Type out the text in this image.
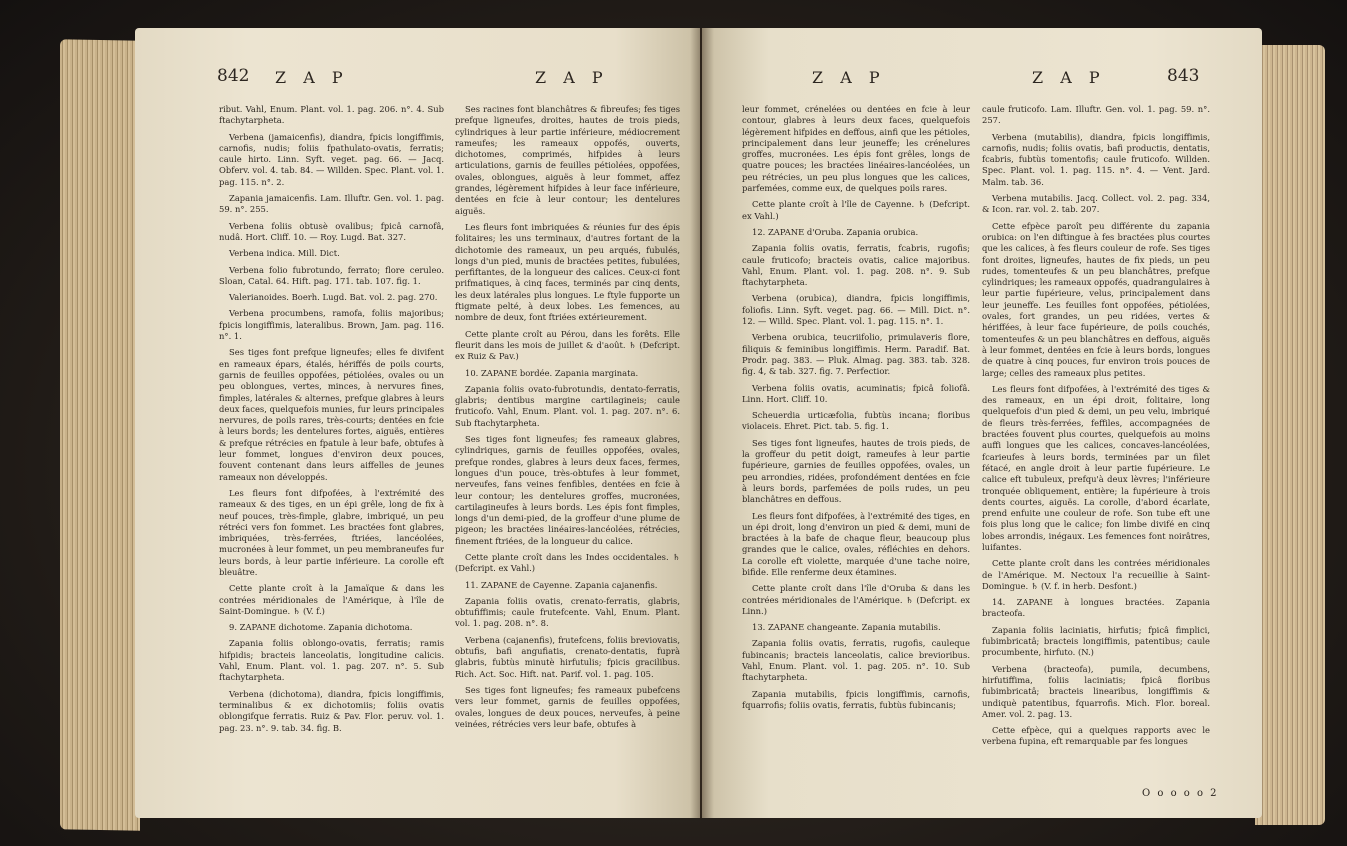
842 Z A P	Z A P

ribut. Vahl, Enum. Plant. vol. 1. pag. 206. n°. 4. Sub ftachytarpheta.

Verbena (jamaicenfis), diandra, fpicis longiffimis, carnofis, nudis; foliis fpathulato-ovatis, ferratis; caule hirto. Linn. Syft. veget. pag. 66. — Jacq. Obferv. vol. 4. tab. 84. — Willden. Spec. Plant. vol. 1. pag. 115. n°. 2.

Zapania jamaicenfis. Lam. Illuftr. Gen. vol. 1. pag. 59. n°. 255.

Verbena foliis obtusè ovalibus; fpicâ carnofâ, nudâ. Hort. Cliff. 10. — Roy. Lugd. Bat. 327.

Verbena indica. Mill. Dict.

Verbena folio fubrotundo, ferrato; flore ceruleo. Sloan, Catal. 64. Hift. pag. 171. tab. 107. fig. 1.

Valerianoides. Boerh. Lugd. Bat. vol. 2. pag. 270.

Verbena procumbens, ramofa, foliis majoribus; fpicis longiffimis, lateralibus. Brown, Jam. pag. 116. n°. 1.

Ses tiges font prefque ligneufes; elles fe divifent en rameaux épars, étalés, hériffés de poils courts, garnis de feuilles oppofées, pétiolées, ovales ou un peu oblongues, vertes, minces, à nervures fines, fimples, latérales & alternes, prefque glabres à leurs deux faces, quelquefois munies, fur leurs principales nervures, de poils rares, très-courts; dentées en fcie à leurs bords; les dentelures fortes, aiguës, entières & prefque rétrécies en fpatule à leur bafe, obtufes à leur fommet, longues d'environ deux pouces, fouvent contenant dans leurs aiffelles de jeunes rameaux non développés.

Les fleurs font difpofées, à l'extrémité des rameaux & des tiges, en un épi grêle, long de fix à neuf pouces, très-fimple, glabre, imbriqué, un peu rétréci vers fon fommet. Les bractées font glabres, imbriquées, très-ferrées, ftriées, lancéolées, mucronées à leur fommet, un peu membraneufes fur leurs bords, à leur partie inférieure. La corolle eft bleuâtre.

Cette plante croît à la Jamaïque & dans les contrées méridionales de l'Amérique, à l'île de Saint-Domingue. ♄ (V. f.)

9. ZAPANE dichotome. Zapania dichotoma.

Zapania foliis oblongo-ovatis, ferratis; ramis hifpidis; bracteis lanceolatis, longitudine calicis. Vahl, Enum. Plant. vol. 1. pag. 207. n°. 5. Sub ftachytarpheta.

Verbena (dichotoma), diandra, fpicis longiffimis, terminalibus & ex dichotomiis; foliis ovatis oblongifque ferratis. Ruiz & Pav. Flor. peruv. vol. 1. pag. 23. n°. 9. tab. 34. fig. B.

Ses racines font blanchâtres & fibreufes; fes tiges prefque ligneufes, droites, hautes de trois pieds, cylindriques à leur partie inférieure, médiocrement rameufes; les rameaux oppofés, ouverts, dichotomes, comprimés, hifpides à leurs articulations, garnis de feuilles pétiolées, oppofées, ovales, oblongues, aiguës à leur fommet, affez grandes, légèrement hifpides à leur face inférieure, dentées en fcie à leur contour; les dentelures aiguës.

Les fleurs font imbriquées & réunies fur des épis folitaires; les uns terminaux, d'autres fortant de la dichotomie des rameaux, un peu arqués, fubulés, longs d'un pied, munis de bractées petites, fubulées, perfiftantes, de la longueur des calices. Ceux-ci font prifmatiques, à cinq faces, terminés par cinq dents, les deux latérales plus longues. Le ftyle fupporte un ftigmate pelté, à deux lobes. Les femences, au nombre de deux, font ftriées extérieurement.

Cette plante croît au Pérou, dans les forêts. Elle fleurit dans les mois de juillet & d'août. ♄ (Defcript. ex Ruiz & Pav.)

10. ZAPANE bordée. Zapania marginata.

Zapania foliis ovato-fubrotundis, dentato-ferratis, glabris; dentibus margine cartilagineis; caule fruticofo. Vahl, Enum. Plant. vol. 1. pag. 207. n°. 6. Sub ftachytarpheta.

Ses tiges font ligneufes; fes rameaux glabres, cylindriques, garnis de feuilles oppofées, ovales, prefque rondes, glabres à leurs deux faces, fermes, longues d'un pouce, très-obtufes à leur fommet, nerveufes, fans veines fenfibles, dentées en fcie à leur contour; les dentelures groffes, mucronées, cartilagineufes à leurs bords. Les épis font fimples, longs d'un demi-pied, de la groffeur d'une plume de pigeon; les bractées linéaires-lancéolées, rétrécies, finement ftriées, de la longueur du calice.

Cette plante croît dans les Indes occidentales. ♄ (Defcript. ex Vahl.)

11. ZAPANE de Cayenne. Zapania cajanenfis.

Zapania foliis ovatis, crenato-ferratis, glabris, obtufiffimis; caule frutefcente. Vahl, Enum. Plant. vol. 1. pag. 208. n°. 8.

Verbena (cajanenfis), frutefcens, foliis breviovatis, obtufis, bafi angufiatis, crenato-dentatis, fuprà glabris, fubtùs minutè hirfutulis; fpicis gracilibus. Rich. Act. Soc. Hift. nat. Parif. vol. 1. pag. 105.

Ses tiges font ligneufes; fes rameaux pubefcens vers leur fommet, garnis de feuilles oppofées, ovales, longues de deux pouces, nerveufes, à peine veinées, rétrécies vers leur bafe, obtufes à

Z A P	Z A P	843

leur fommet, crénelées ou dentées en fcie à leur contour, glabres à leurs deux faces, quelquefois légèrement hifpides en deffous, ainfi que les pétioles, principalement dans leur jeuneffe; les crénelures groffes, mucronées. Les épis font grêles, longs de quatre pouces; les bractées linéaires-lancéolées, un peu rétrécies, un peu plus longues que les calices, parfemées, comme eux, de quelques poils rares.

Cette plante croît à l'île de Cayenne. ♄ (Defcript. ex Vahl.)

12. ZAPANE d'Oruba. Zapania orubica.

Zapania foliis ovatis, ferratis, fcabris, rugofis; caule fruticofo; bracteis ovatis, calice majoribus. Vahl, Enum. Plant. vol. 1. pag. 208. n°. 9. Sub ftachytarpheta.

Verbena (orubica), diandra, fpicis longiffimis, foliofis. Linn. Syft. veget. pag. 66. — Mill. Dict. n°. 12. — Willd. Spec. Plant. vol. 1. pag. 115. n°. 1.

Verbena orubica, teucriifolio, primulaveris flore, filiquis & feminibus longiffimis. Herm. Paradif. Bat. Prodr. pag. 383. — Pluk. Almag. pag. 383. tab. 328. fig. 4, & tab. 327. fig. 7. Perfectior.

Verbena foliis ovatis, acuminatis; fpicâ foliofâ. Linn. Hort. Cliff. 10.

Scheuerdia urticæfolia, fubtùs incana; floribus violaceis. Ehret. Pict. tab. 5. fig. 1.

Ses tiges font ligneufes, hautes de trois pieds, de la groffeur du petit doigt, rameufes à leur partie fupérieure, garnies de feuilles oppofées, ovales, un peu arrondies, ridées, profondément dentées en fcie à leurs bords, parfemées de poils rudes, un peu blanchâtres en deffous.

Les fleurs font difpofées, à l'extrémité des tiges, en un épi droit, long d'environ un pied & demi, muni de bractées à la bafe de chaque fleur, beaucoup plus grandes que le calice, ovales, réfléchies en dehors. La corolle eft violette, marquée d'une tache noire, bifide. Elle renferme deux étamines.

Cette plante croît dans l'île d'Oruba & dans les contrées méridionales de l'Amérique. ♄ (Defcript. ex Linn.)

13. ZAPANE changeante. Zapania mutabilis.

Zapania foliis ovatis, ferratis, rugofis, cauleque fubincanis; bracteis lanceolatis, calice brevioribus. Vahl, Enum. Plant. vol. 1. pag. 205. n°. 10. Sub ftachytarpheta.

Zapania mutabilis, fpicis longiffimis, carnofis, fquarrofis; foliis ovatis, ferratis, fubtùs fubincanis;

caule fruticofo. Lam. Illuftr. Gen. vol. 1. pag. 59. n°. 257.

Verbena (mutabilis), diandra, fpicis longiffimis, carnofis, nudis; foliis ovatis, bafi productis, dentatis, fcabris, fubtùs tomentofis; caule fruticofo. Willden. Spec. Plant. vol. 1. pag. 115. n°. 4. — Vent. Jard. Malm. tab. 36.

Verbena mutabilis. Jacq. Collect. vol. 2. pag. 334, & Icon. rar. vol. 2. tab. 207.

Cette efpèce paroît peu différente du zapania orubica: on l'en diftingue à fes bractées plus courtes que les calices, à fes fleurs couleur de rofe. Ses tiges font droites, ligneufes, hautes de fix pieds, un peu rudes, tomenteufes & un peu blanchâtres, prefque cylindriques; les rameaux oppofés, quadrangulaires à leur partie fupérieure, velus, principalement dans leur jeuneffe. Les feuilles font oppofées, pétiolées, ovales, fort grandes, un peu ridées, vertes & hériffées, à leur face fupérieure, de poils couchés, tomenteufes & un peu blanchâtres en deffous, aiguës à leur fommet, dentées en fcie à leurs bords, longues de quatre à cinq pouces, fur environ trois pouces de large; celles des rameaux plus petites.

Les fleurs font difpofées, à l'extrémité des tiges & des rameaux, en un épi droit, folitaire, long quelquefois d'un pied & demi, un peu velu, imbriqué de fleurs très-ferrées, feffiles, accompagnées de bractées fouvent plus courtes, quelquefois au moins auffi longues que les calices, concaves-lancéolées, fcarieufes à leurs bords, terminées par un filet fétacé, en angle droit à leur partie fupérieure. Le calice eft tubuleux, prefqu'à deux lèvres; l'inférieure tronquée obliquement, entière; la fupérieure à trois dents courtes, aiguës. La corolle, d'abord écarlate, prend enfuite une couleur de rofe. Son tube eft une fois plus long que le calice; fon limbe divifé en cinq lobes arrondis, inégaux. Les femences font noirâtres, luifantes.

Cette plante croît dans les contrées méridionales de l'Amérique. M. Nectoux l'a recueillie à Saint-Domingue. ♄ (V. f. in herb. Desfont.)

14. ZAPANE à longues bractées. Zapania bracteofa.

Zapania foliis laciniatis, hirfutis; fpicâ fimplici, fubimbricatâ; bracteis longiffimis, patentibus; caule procumbente, hirfuto. (N.)

Verbena (bracteofa), pumila, decumbens, hirfutiffima, foliis laciniatis; fpicâ floribus fubimbricatâ; bracteis linearibus, longiffimis & undiquè patentibus, fquarrofis. Mich. Flor. boreal. Amer. vol. 2. pag. 13.

Cette efpèce, qui a quelques rapports avec le verbena fupina, eft remarquable par fes longues

O o o o o 2
